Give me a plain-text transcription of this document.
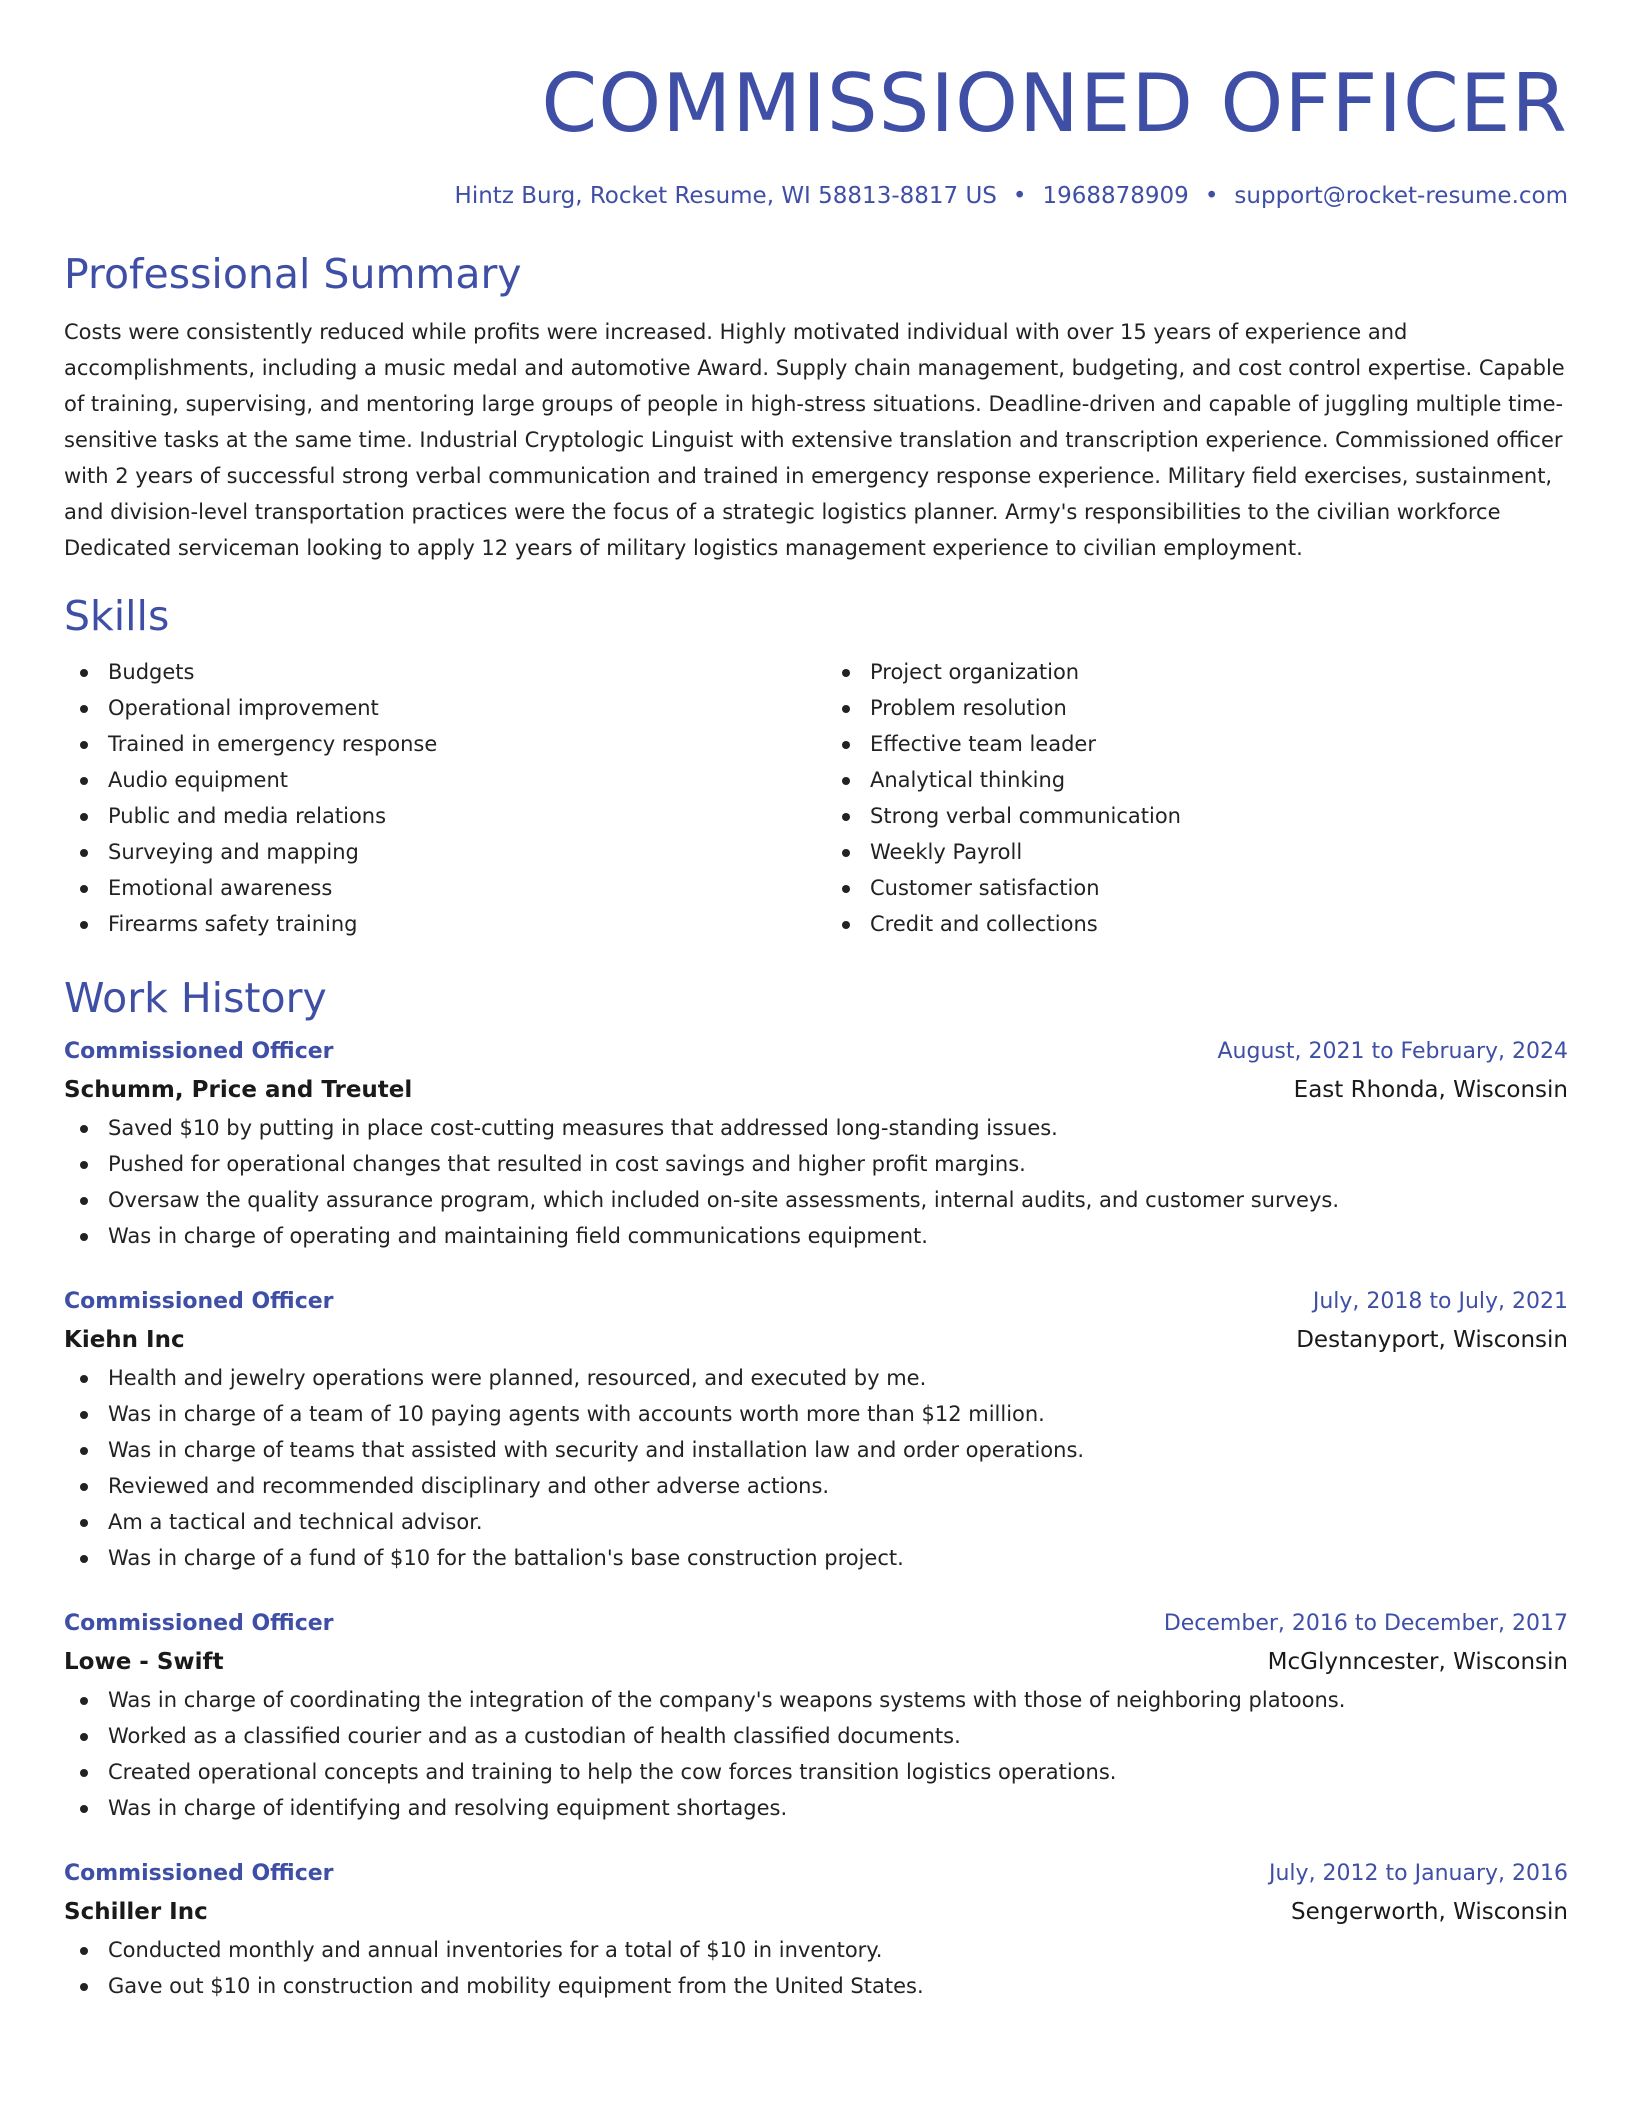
COMMISSIONED OFFICER
Hintz Burg, Rocket Resume, WI 58813-8817 US • 1968878909 • support@rocket-resume.com
Professional Summary

Costs were consistently reduced while profits were increased. Highly motivated individual with over 15 years of experience and accomplishments, including a music medal and automotive Award. Supply chain management, budgeting, and cost control expertise. Capable of training, supervising, and mentoring large groups of people in high-stress situations. Deadline-driven and capable of juggling multiple time-sensitive tasks at the same time. Industrial Cryptologic Linguist with extensive translation and transcription experience. Commissioned officer with 2 years of successful strong verbal communication and trained in emergency response experience. Military field exercises, sustainment, and division-level transportation practices were the focus of a strategic logistics planner. Army's responsibilities to the civilian workforce Dedicated serviceman looking to apply 12 years of military logistics management experience to civilian employment.

Skills
Budgets
Operational improvement
Trained in emergency response
Audio equipment
Public and media relations
Surveying and mapping
Emotional awareness
Firearms safety training
Project organization
Problem resolution
Effective team leader
Analytical thinking
Strong verbal communication
Weekly Payroll
Customer satisfaction
Credit and collections
Work History
Commissioned Officer	August, 2021 to February, 2024
Schumm, Price and Treutel	East Rhonda, Wisconsin
Saved $10 by putting in place cost-cutting measures that addressed long-standing issues.
Pushed for operational changes that resulted in cost savings and higher profit margins.
Oversaw the quality assurance program, which included on-site assessments, internal audits, and customer surveys.
Was in charge of operating and maintaining field communications equipment.
Commissioned Officer	July, 2018 to July, 2021
Kiehn Inc	Destanyport, Wisconsin
Health and jewelry operations were planned, resourced, and executed by me.
Was in charge of a team of 10 paying agents with accounts worth more than $12 million.
Was in charge of teams that assisted with security and installation law and order operations.
Reviewed and recommended disciplinary and other adverse actions.
Am a tactical and technical advisor.
Was in charge of a fund of $10 for the battalion's base construction project.
Commissioned Officer	December, 2016 to December, 2017
Lowe - Swift	McGlynncester, Wisconsin
Was in charge of coordinating the integration of the company's weapons systems with those of neighboring platoons.
Worked as a classified courier and as a custodian of health classified documents.
Created operational concepts and training to help the cow forces transition logistics operations.
Was in charge of identifying and resolving equipment shortages.
Commissioned Officer	July, 2012 to January, 2016
Schiller Inc	Sengerworth, Wisconsin
Conducted monthly and annual inventories for a total of $10 in inventory.
Gave out $10 in construction and mobility equipment from the United States.
